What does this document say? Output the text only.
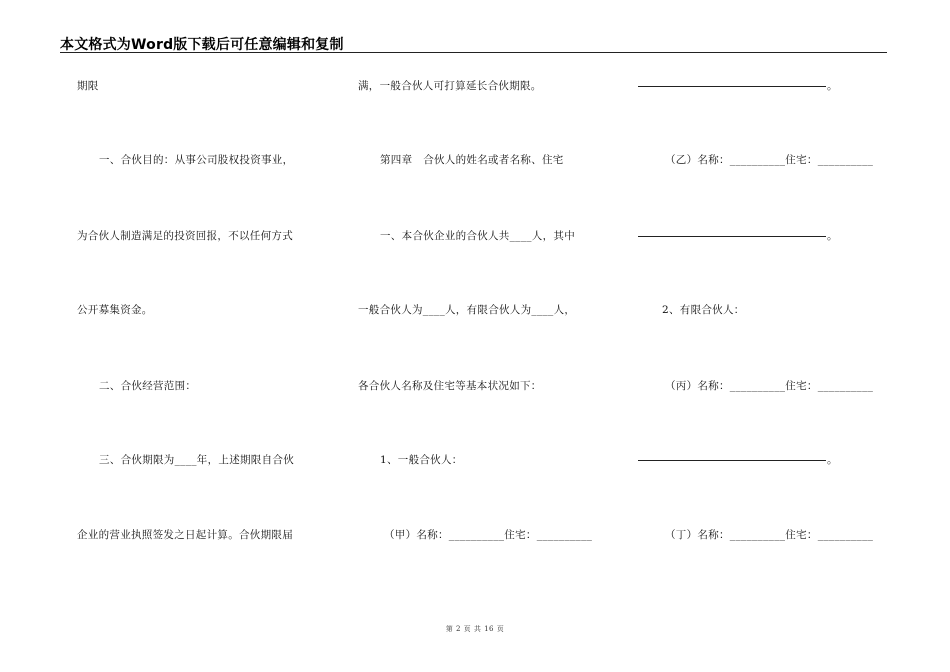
本文格式为Word版下载后可任意编辑和复制
期限
一、合伙目的：从事公司股权投资事业，
为合伙人制造满足的投资回报，不以任何方式
公开募集资金。
二、合伙经营范围：
三、合伙期限为____年，上述期限自合伙
企业的营业执照签发之日起计算。合伙期限届
满，一般合伙人可打算延长合伙期限。
第四章　合伙人的姓名或者名称、住宅
一、本合伙企业的合伙人共____人，其中
一般合伙人为____人，有限合伙人为____人，
各合伙人名称及住宅等基本状况如下：
1、一般合伙人：
（甲）名称：__________住宅：__________
。
（乙）名称：__________住宅：__________
。
2、有限合伙人：
（丙）名称：__________住宅：__________
。
（丁）名称：__________住宅：__________
第 2 页 共 16 页
